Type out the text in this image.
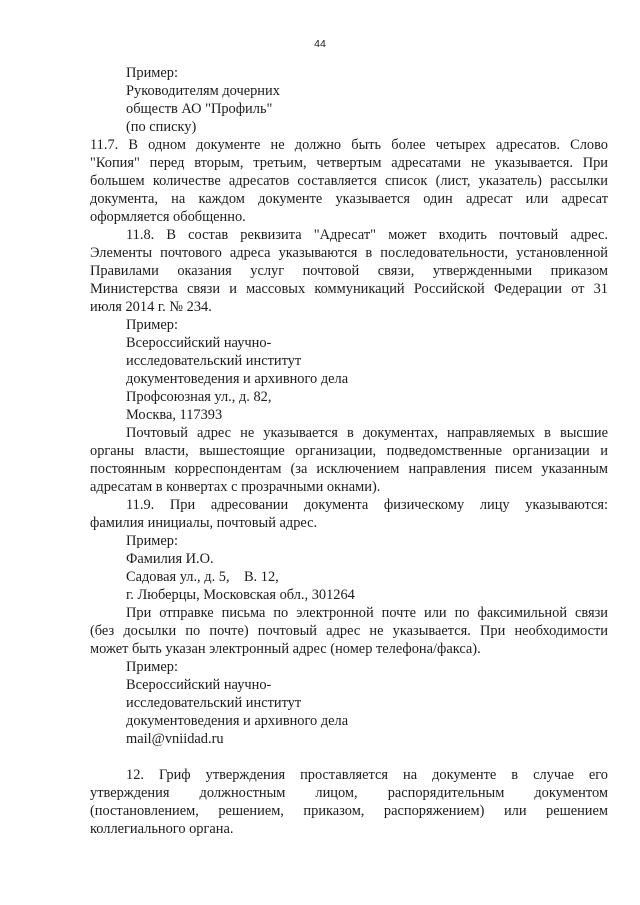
44
Пример:
Руководителям дочерних
обществ АО "Профиль"
(по списку)
11.7. В одном документе не должно быть более четырех адресатов. Слово
"Копия" перед вторым, третьим, четвертым адресатами не указывается. При
большем количестве адресатов составляется список (лист, указатель) рассылки
документа, на каждом документе указывается один адресат или адресат
оформляется обобщенно.
11.8. В состав реквизита "Адресат" может входить почтовый адрес.
Элементы почтового адреса указываются в последовательности, установленной
Правилами оказания услуг почтовой связи, утвержденными приказом
Министерства связи и массовых коммуникаций Российской Федерации от 31
июля 2014 г. № 234.
Пример:
Всероссийский научно-
исследовательский институт
документоведения и архивного дела
Профсоюзная ул., д. 82,
Москва, 117393
Почтовый адрес не указывается в документах, направляемых в высшие
органы власти, вышестоящие организации, подведомственные организации и
постоянным корреспондентам (за исключением направления писем указанным
адресатам в конвертах с прозрачными окнами).
11.9. При адресовании документа физическому лицу указываются:
фамилия инициалы, почтовый адрес.
Пример:
Фамилия И.О.
Садовая ул., д. 5,    В. 12,
г. Люберцы, Московская обл., 301264
При отправке письма по электронной почте или по факсимильной связи
(без досылки по почте) почтовый адрес не указывается. При необходимости
может быть указан электронный адрес (номер телефона/факса).
Пример:
Всероссийский научно-
исследовательский институт
документоведения и архивного дела
mail@vniidad.ru
12. Гриф утверждения проставляется на документе в случае его
утверждения должностным лицом, распорядительным документом
(постановлением, решением, приказом, распоряжением) или решением
коллегиального органа.
